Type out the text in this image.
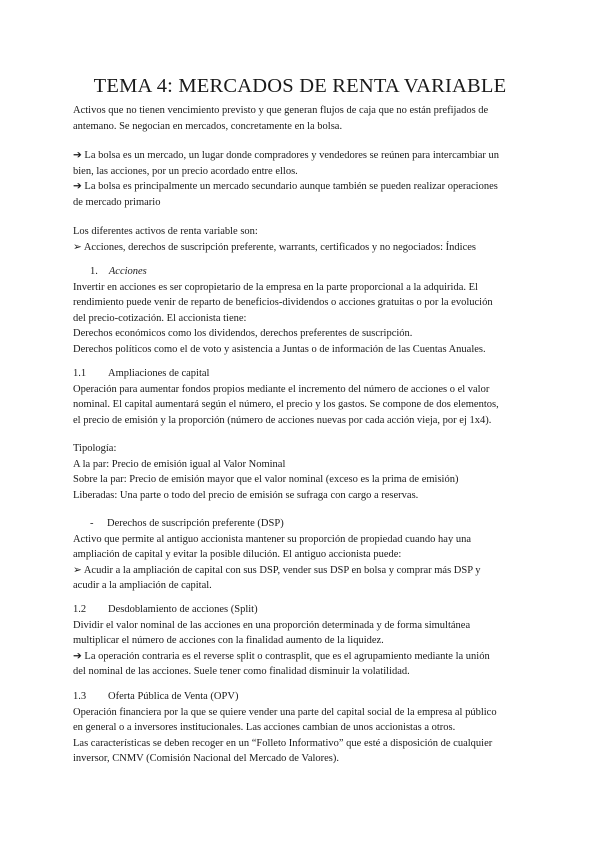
TEMA 4: MERCADOS DE RENTA VARIABLE

Activos que no tienen vencimiento previsto y que generan flujos de caja que no están prefijados de

antemano. Se negocian en mercados, concretamente en la bolsa.

➔ La bolsa es un mercado, un lugar donde compradores y vendedores se reúnen para intercambiar un

bien, las acciones, por un precio acordado entre ellos.

➔ La bolsa es principalmente un mercado secundario aunque también se pueden realizar operaciones

de mercado primario

Los diferentes activos de renta variable son:

➢ Acciones, derechos de suscripción preferente, warrants, certificados y no negociados: Índices

1. Acciones

Invertir en acciones es ser copropietario de la empresa en la parte proporcional a la adquirida. El

rendimiento puede venir de reparto de beneficios-dividendos o acciones gratuitas o por la evolución

del precio-cotización. El accionista tiene:

Derechos económicos como los dividendos, derechos preferentes de suscripción.

Derechos políticos como el de voto y asistencia a Juntas o de información de las Cuentas Anuales.

1.1 Ampliaciones de capital

Operación para aumentar fondos propios mediante el incremento del número de acciones o el valor

nominal. El capital aumentará según el número, el precio y los gastos. Se compone de dos elementos,

el precio de emisión y la proporción (número de acciones nuevas por cada acción vieja, por ej 1x4).

Tipología:

A la par: Precio de emisión igual al Valor Nominal

Sobre la par: Precio de emisión mayor que el valor nominal (exceso es la prima de emisión)

Liberadas: Una parte o todo del precio de emisión se sufraga con cargo a reservas.

- Derechos de suscripción preferente (DSP)

Activo que permite al antiguo accionista mantener su proporción de propiedad cuando hay una

ampliación de capital y evitar la posible dilución. El antiguo accionista puede:

➢ Acudir a la ampliación de capital con sus DSP, vender sus DSP en bolsa y comprar más DSP y

acudir a la ampliación de capital.

1.2 Desdoblamiento de acciones (Split)

Dividir el valor nominal de las acciones en una proporción determinada y de forma simultánea

multiplicar el número de acciones con la finalidad aumento de la liquidez.

➔ La operación contraria es el reverse split o contrasplit, que es el agrupamiento mediante la unión

del nominal de las acciones. Suele tener como finalidad disminuir la volatilidad.

1.3 Oferta Pública de Venta (OPV)

Operación financiera por la que se quiere vender una parte del capital social de la empresa al público

en general o a inversores institucionales. Las acciones cambian de unos accionistas a otros.

Las características se deben recoger en un “Folleto Informativo” que esté a disposición de cualquier

inversor, CNMV (Comisión Nacional del Mercado de Valores).
